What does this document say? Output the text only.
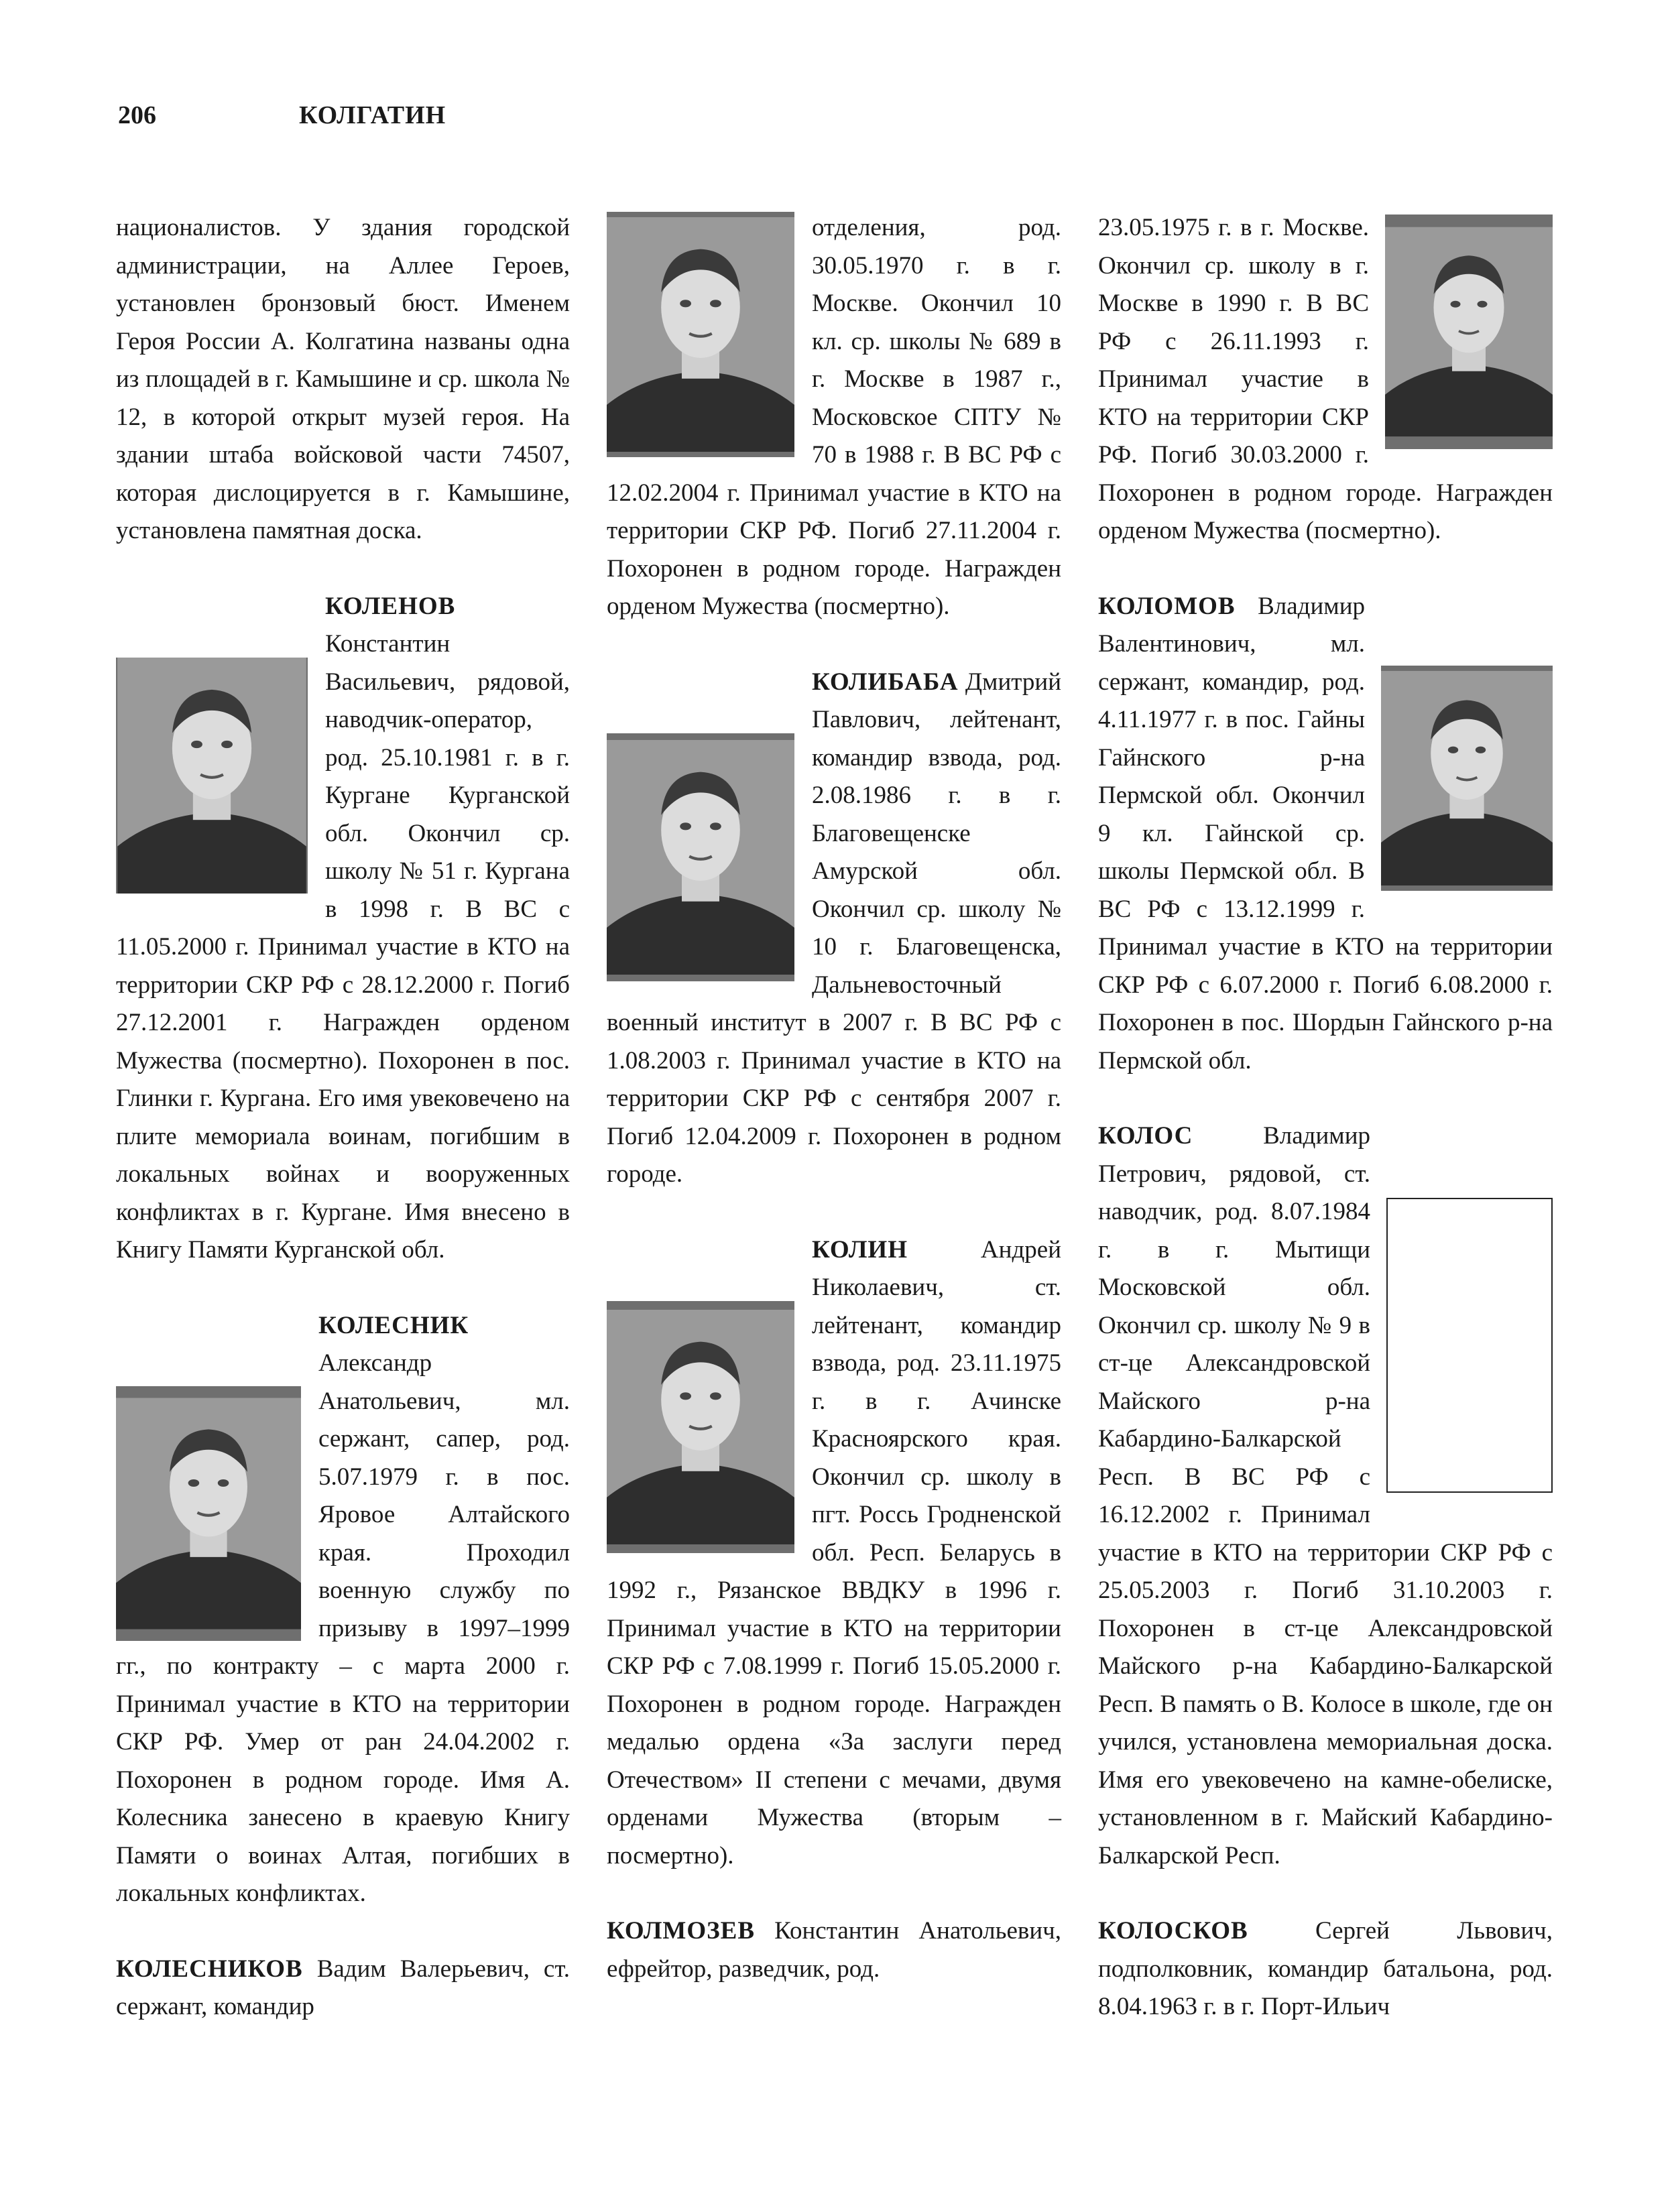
206	КОЛГАТИН

националистов. У здания городской администрации, на Аллее Героев, установлен бронзовый бюст. Именем Героя России А. Колгатина названы одна из площадей в г. Камышине и ср. школа № 12, в которой открыт музей героя. На здании штаба войсковой части 74507, которая дислоцируется в г. Камышине, установлена памятная доска.

КОЛЕНОВ Константин Васильевич, рядовой, наводчик-оператор, род. 25.10.1981 г. в г. Кургане Курганской обл. Окончил ср. школу № 51 г. Кургана в 1998 г. В ВС с 11.05.2000 г. Принимал участие в КТО на территории СКР РФ с 28.12.2000 г. Погиб 27.12.2001 г. Награжден орденом Мужества (посмертно). Похоронен в пос. Глинки г. Кургана. Его имя увековечено на плите мемориала воинам, погибшим в локальных войнах и вооруженных конфликтах в г. Кургане. Имя внесено в Книгу Памяти Курганской обл.

КОЛЕСНИК Александр Анатольевич, мл. сержант, сапер, род. 5.07.1979 г. в пос. Яровое Алтайского края. Проходил военную службу по призыву в 1997–1999 гг., по контракту – с марта 2000 г. Принимал участие в КТО на территории СКР РФ. Умер от ран 24.04.2002 г. Похоронен в родном городе. Имя А. Колесника занесено в краевую Книгу Памяти о воинах Алтая, погибших в локальных конфликтах.

КОЛЕСНИКОВ Вадим Валерьевич, ст. сержант, командир

отделения, род. 30.05.1970 г. в г. Москве. Окончил 10 кл. ср. школы № 689 в г. Москве в 1987 г., Московское СПТУ № 70 в 1988 г. В ВС РФ с 12.02.2004 г. Принимал участие в КТО на территории СКР РФ. Погиб 27.11.2004 г. Похоронен в родном городе. Награжден орденом Мужества (посмертно).

КОЛИБАБА Дмитрий Павлович, лейтенант, командир взвода, род. 2.08.1986 г. в г. Благовещенске Амурской обл. Окончил ср. школу № 10 г. Благовещенска, Дальневосточный военный институт в 2007 г. В ВС РФ с 1.08.2003 г. Принимал участие в КТО на территории СКР РФ с сентября 2007 г. Погиб 12.04.2009 г. Похоронен в родном городе.

КОЛИН	Андрей Николаевич, ст. лейтенант, командир взвода, род. 23.11.1975 г. в г. Ачинске Красноярского края. Окончил ср. школу в пгт. Россь Гродненской обл. Респ. Беларусь в 1992 г., Рязанское ВВДКУ в 1996 г. Принимал участие в КТО на территории СКР РФ с 7.08.1999 г. Погиб 15.05.2000 г. Похоронен в родном городе. Награжден медалью ордена «За заслуги перед Отечеством» II степени с мечами, двумя орденами Мужества (вторым – посмертно).

КОЛМОЗЕВ Константин Анатольевич, ефрейтор, разведчик, род.

23.05.1975 г. в г. Москве. Окончил ср. школу в г. Москве в 1990 г. В ВС РФ с 26.11.1993 г. Принимал участие в КТО на территории СКР РФ. Погиб 30.03.2000 г. Похоронен в родном городе. Награжден орденом Мужества (посмертно).

КОЛОМОВ Владимир Валентинович, мл. сержант, командир, род. 4.11.1977 г. в пос. Гайны Гайнского р-на Пермской обл. Окончил 9 кл. Гайнской ср. школы Пермской обл. В ВС РФ с 13.12.1999 г. Принимал участие в КТО на территории СКР РФ с 6.07.2000 г. Погиб 6.08.2000 г. Похоронен в пос. Шордын Гайнского р-на Пермской обл.

КОЛОС	Владимир Петрович, рядовой, ст. наводчик, род. 8.07.1984 г. в г. Мытищи Московской обл. Окончил ср. школу № 9 в ст-це Александровской Майского р-на Кабардино-Балкарской Респ. В ВС РФ с 16.12.2002 г. Принимал участие в КТО на территории СКР РФ с 25.05.2003 г. Погиб 31.10.2003 г. Похоронен в ст-це Александровской Майского р-на Кабардино-Балкарской Респ. В память о В. Колосе в школе, где он учился, установлена мемориальная доска. Имя его увековечено на камне-обелиске, установленном в г. Майский Кабардино-Балкарской Респ.

КОЛОСКОВ	Сергей Львович, подполковник, командир батальона, род. 8.04.1963 г. в г. Порт-Ильич
